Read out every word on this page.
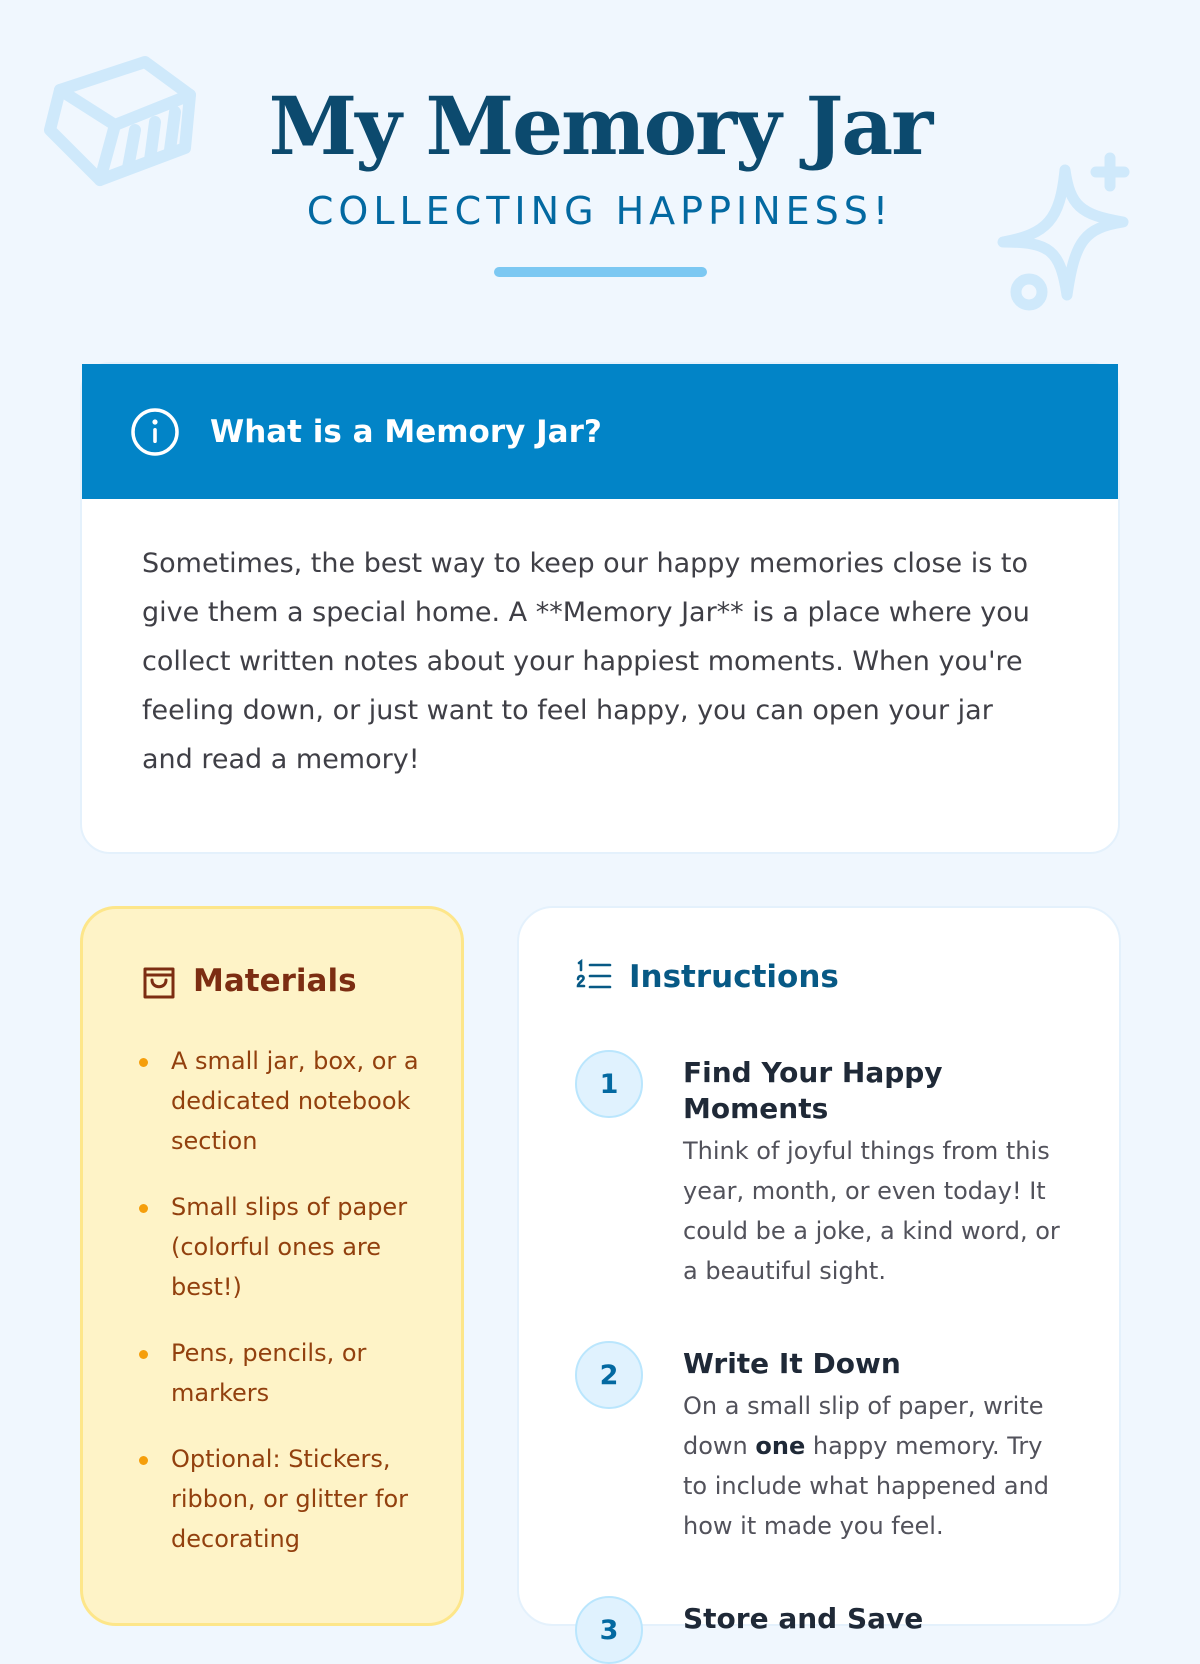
My Memory Jar
COLLECTING HAPPINESS!
What is a Memory Jar?

Sometimes, the best way to keep our happy memories close is to give them a special home. A **Memory Jar** is a place where you collect written notes about your happiest moments. When you're feeling down, or just want to feel happy, you can open your jar and read a memory!

Materials
A small jar, box, or a dedicated notebook section
Small slips of paper (colorful ones are best!)
Pens, pencils, or markers
Optional: Stickers, ribbon, or glitter for decorating
Instructions
1	Find Your Happy Moments
Think of joyful things from this year, month, or even today! It could be a joke, a kind word, or a beautiful sight.
2	Write It Down
On a small slip of paper, write down one happy memory. Try to include what happened and how it made you feel.
3	Store and Save
